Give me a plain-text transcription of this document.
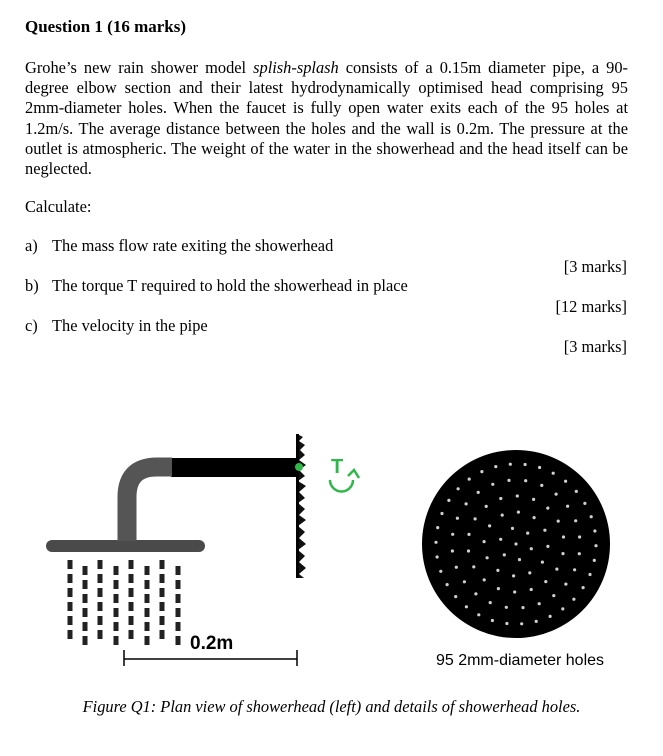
Question 1 (16 marks)
Grohe’s new rain shower model splish-splash consists of a 0.15m diameter pipe, a 90-degree elbow section and their latest hydrodynamically optimised head comprising 95 2mm-diameter holes. When the faucet is fully open water exits each of the 95 holes at 1.2m/s. The average distance between the holes and the wall is 0.2m. The pressure at the outlet is atmospheric. The weight of the water in the showerhead and the head itself can be neglected.
Calculate:
a) The mass flow rate exiting the showerhead
[3 marks]
b) The torque T required to hold the showerhead in place
[12 marks]
c) The velocity in the pipe
[3 marks]
T
0.2m
95 2mm-diameter holes
Figure Q1: Plan view of showerhead (left) and details of showerhead holes.
